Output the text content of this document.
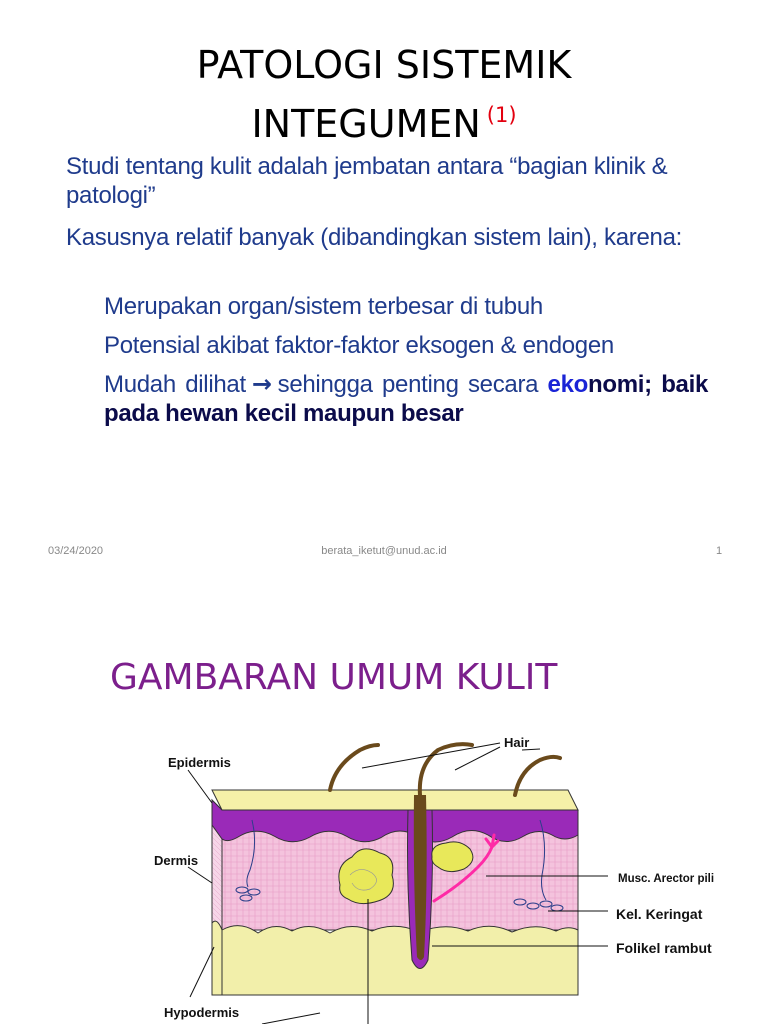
PATOLOGI SISTEMIK
INTEGUMEN $^{(1)}$
Studi tentang kulit adalah jembatan antara “bagian klinik & patologi”
Kasusnya relatif banyak (dibandingkan sistem lain), karena:
Merupakan organ/sistem terbesar di tubuh
Potensial akibat faktor-faktor eksogen & endogen
Mudah dilihat → sehingga penting secara ekonomi; baik pada hewan kecil maupun besar
03/24/2020	berata_iketut@unud.ac.id	1
GAMBARAN UMUM KULIT
Hair
Epidermis
Dermis
Hypodermis
Musc. Arector pili
Kel. Keringat
Folikel rambut
